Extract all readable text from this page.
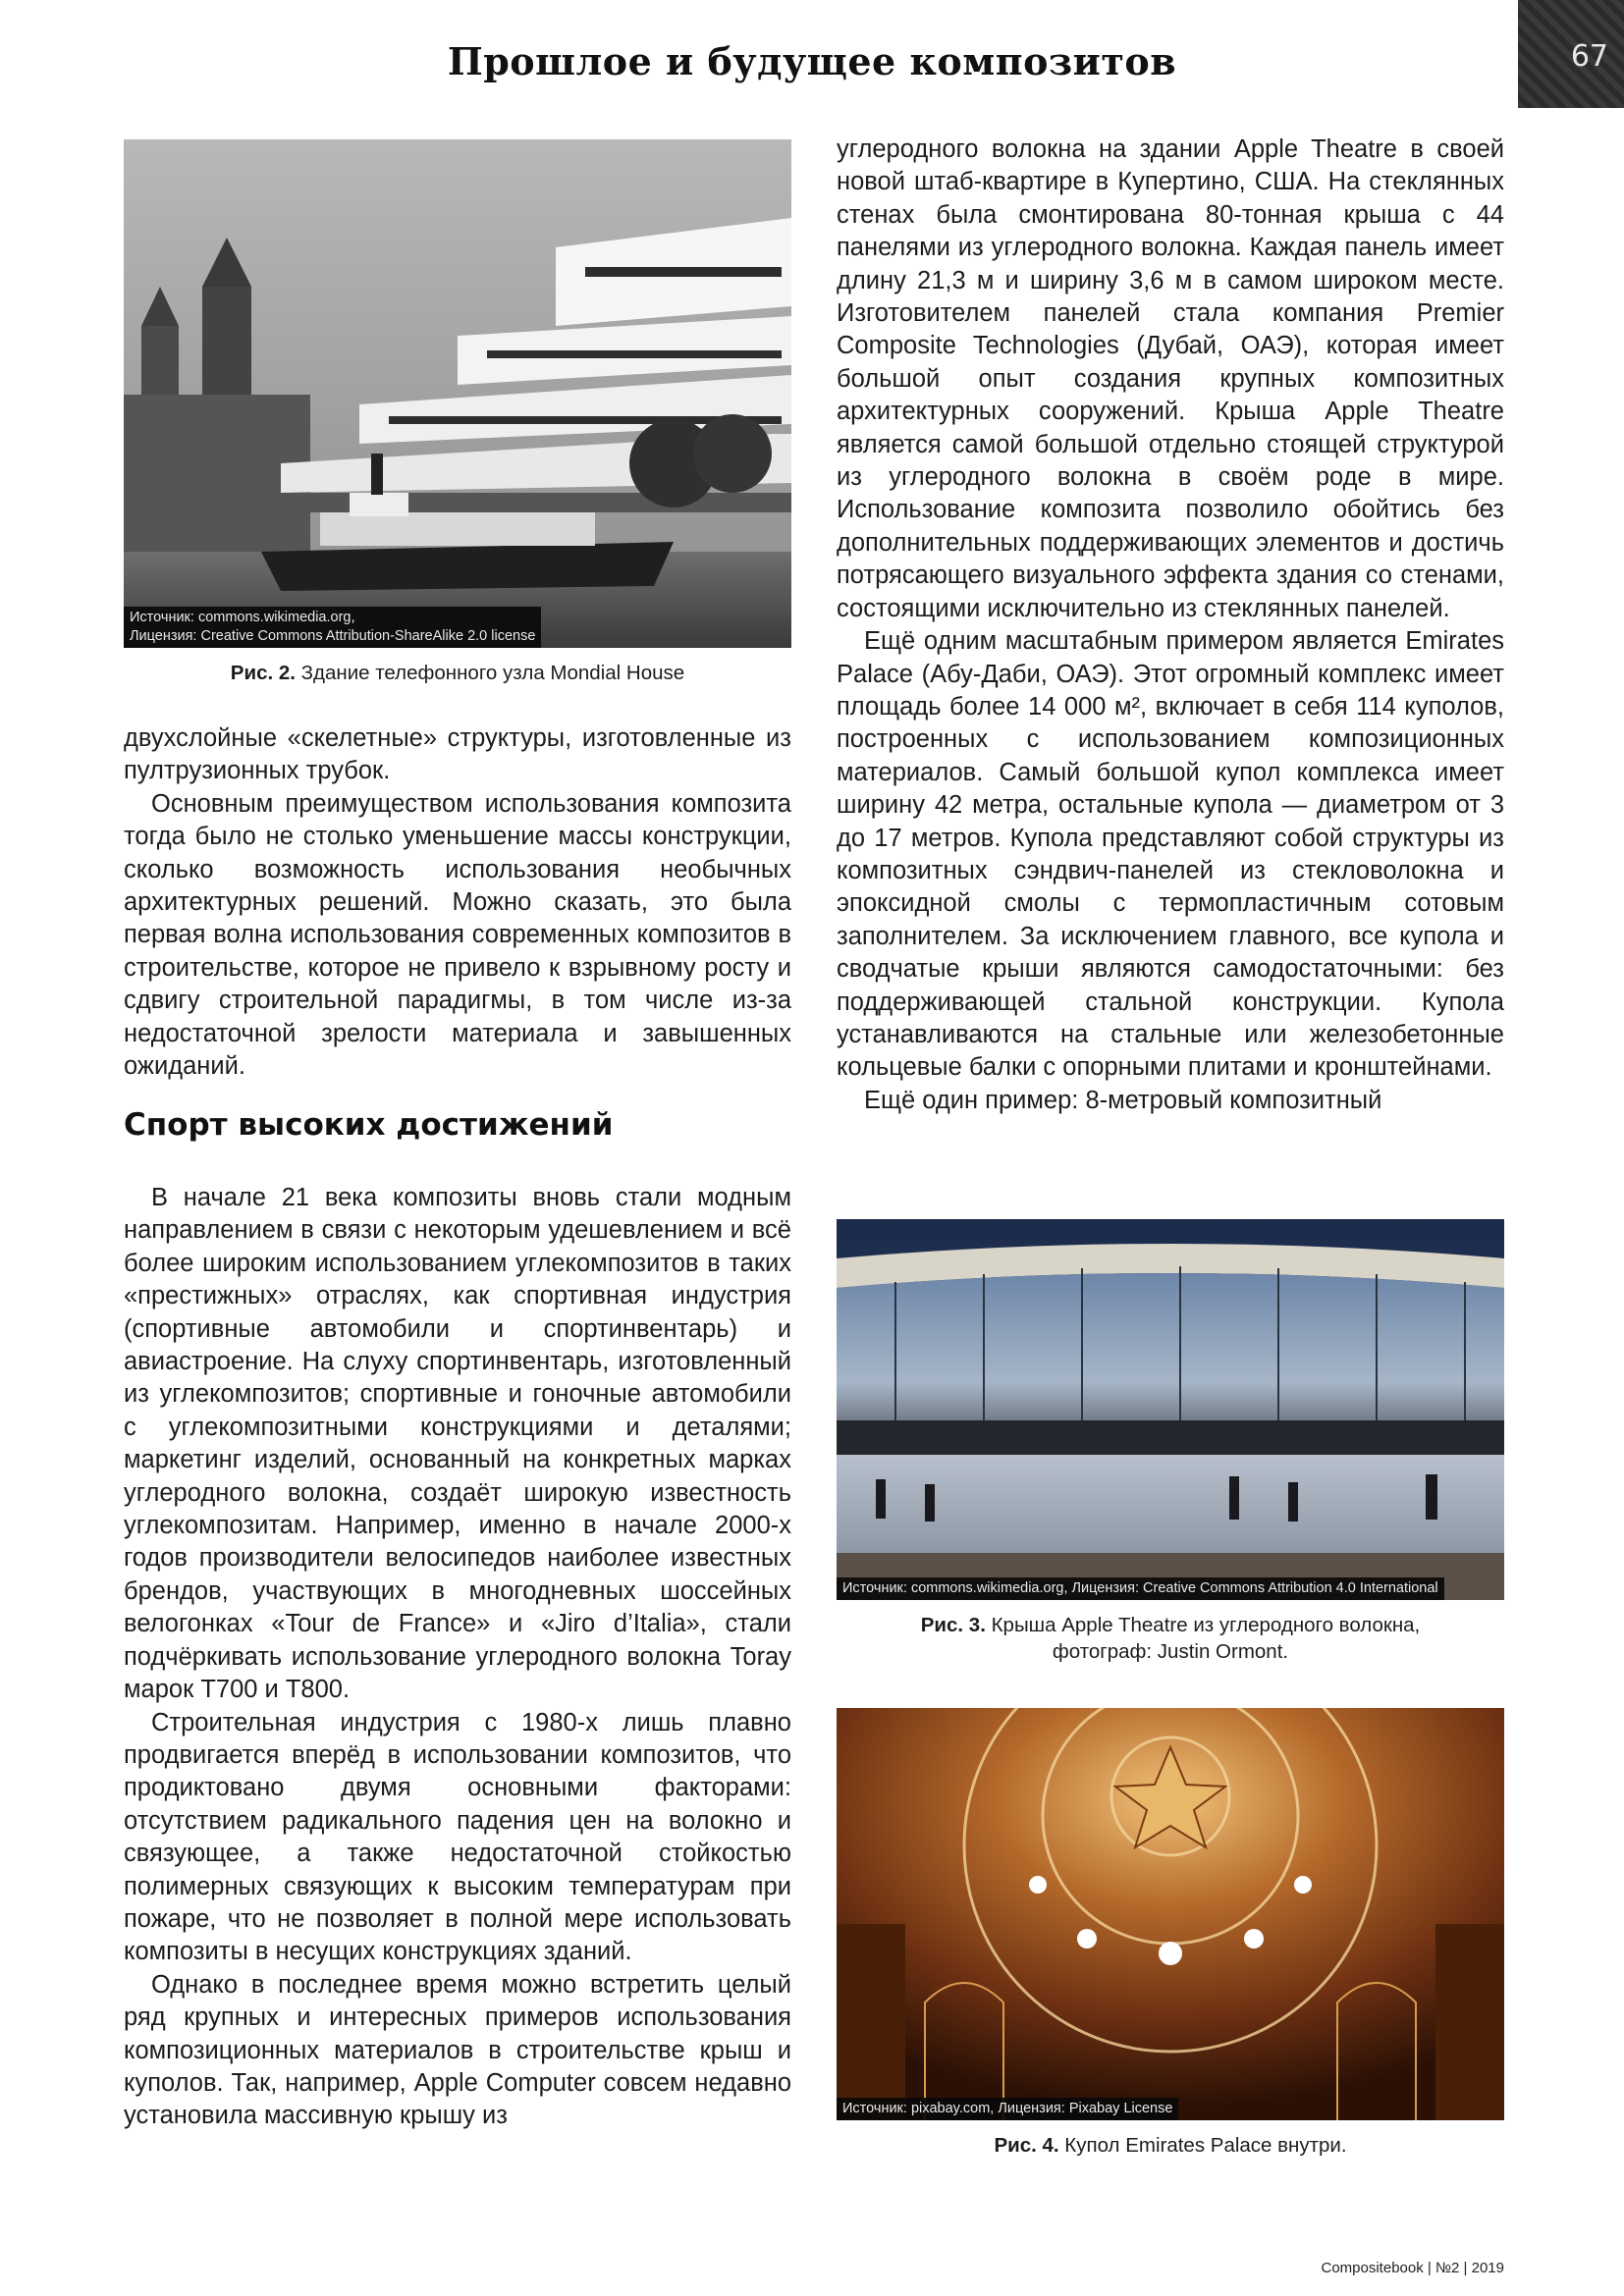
Прошлое и будущее композитов	67
Источник: commons.wikimedia.org,
Лицензия: Creative Commons Attribution-ShareAlike 2.0 license
Рис. 2. Здание телефонного узла Mondial House

двухслойные «скелетные» структуры, изготовленные из пултрузионных трубок.

Основным преимуществом использования композита тогда было не столько уменьшение массы конструкции, сколько возможность использования необычных архитектурных решений. Можно сказать, это была первая волна использования современных композитов в строительстве, которое не привело к взрывному росту и сдвигу строительной парадигмы, в том числе из-за недостаточной зрелости материала и завышенных ожиданий.

Спорт высоких достижений

В начале 21 века композиты вновь стали модным направлением в связи с некоторым удешевлением и всё более широким использованием углекомпозитов в таких «престижных» отраслях, как спортивная индустрия (спортивные автомобили и спортинвентарь) и авиастроение. На слуху спортинвентарь, изготовленный из углекомпозитов; спортивные и гоночные автомобили с углекомпозитными конструкциями и деталями; маркетинг изделий, основанный на конкретных марках углеродного волокна, создаёт широкую известность углекомпозитам. Например, именно в начале 2000-х годов производители велосипедов наиболее известных брендов, участвующих в многодневных шоссейных велогонках «Tour de France» и «Jiro d’Italia», стали подчёркивать использование углеродного волокна Toray марок T700 и T800.

Строительная индустрия с 1980-х лишь плавно продвигается вперёд в использовании композитов, что продиктовано двумя основными факторами: отсутствием радикального падения цен на волокно и связующее, а также недостаточной стойкостью полимерных связующих к высоким температурам при пожаре, что не позволяет в полной мере использовать композиты в несущих конструкциях зданий.

Однако в последнее время можно встретить целый ряд крупных и интересных примеров использования композиционных материалов в строительстве крыш и куполов. Так, например, Apple Computer совсем недавно установила массивную крышу из

углеродного волокна на здании Apple Theatre в своей новой штаб-квартире в Купертино, США. На стеклянных стенах была смонтирована 80-тонная крыша с 44 панелями из углеродного волокна. Каждая панель имеет длину 21,3 м и ширину 3,6 м в самом широком месте. Изготовителем панелей стала компания Premier Composite Technologies (Дубай, ОАЭ), которая имеет большой опыт создания крупных композитных архитектурных сооружений. Крыша Apple Theatre является самой большой отдельно стоящей структурой из углеродного волокна в своём роде в мире. Использование композита позволило обойтись без дополнительных поддерживающих элементов и достичь потрясающего визуального эффекта здания со стенами, состоящими исключительно из стеклянных панелей.

Ещё одним масштабным примером является Emirates Palace (Абу-Даби, ОАЭ). Этот огромный комплекс имеет площадь более 14 000 м², включает в себя 114 куполов, построенных с использованием композиционных материалов. Самый большой купол комплекса имеет ширину 42 метра, остальные купола — диаметром от 3 до 17 метров. Купола представляют собой структуры из композитных сэндвич-панелей из стекловолокна и эпоксидной смолы с термопластичным сотовым заполнителем. За исключением главного, все купола и сводчатые крыши являются самодостаточными: без поддерживающей стальной конструкции. Купола устанавливаются на стальные или железобетонные кольцевые балки с опорными плитами и кронштейнами.

Ещё один пример: 8-метровый композитный

Источник: commons.wikimedia.org, Лицензия: Creative Commons Attribution 4.0 International
Рис. 3. Крыша Apple Theatre из углеродного волокна,
фотограф: Justin Ormont.
Источник: pixabay.com, Лицензия: Pixabay License
Рис. 4. Купол Emirates Palace внутри.
Compositebook | №2 | 2019
